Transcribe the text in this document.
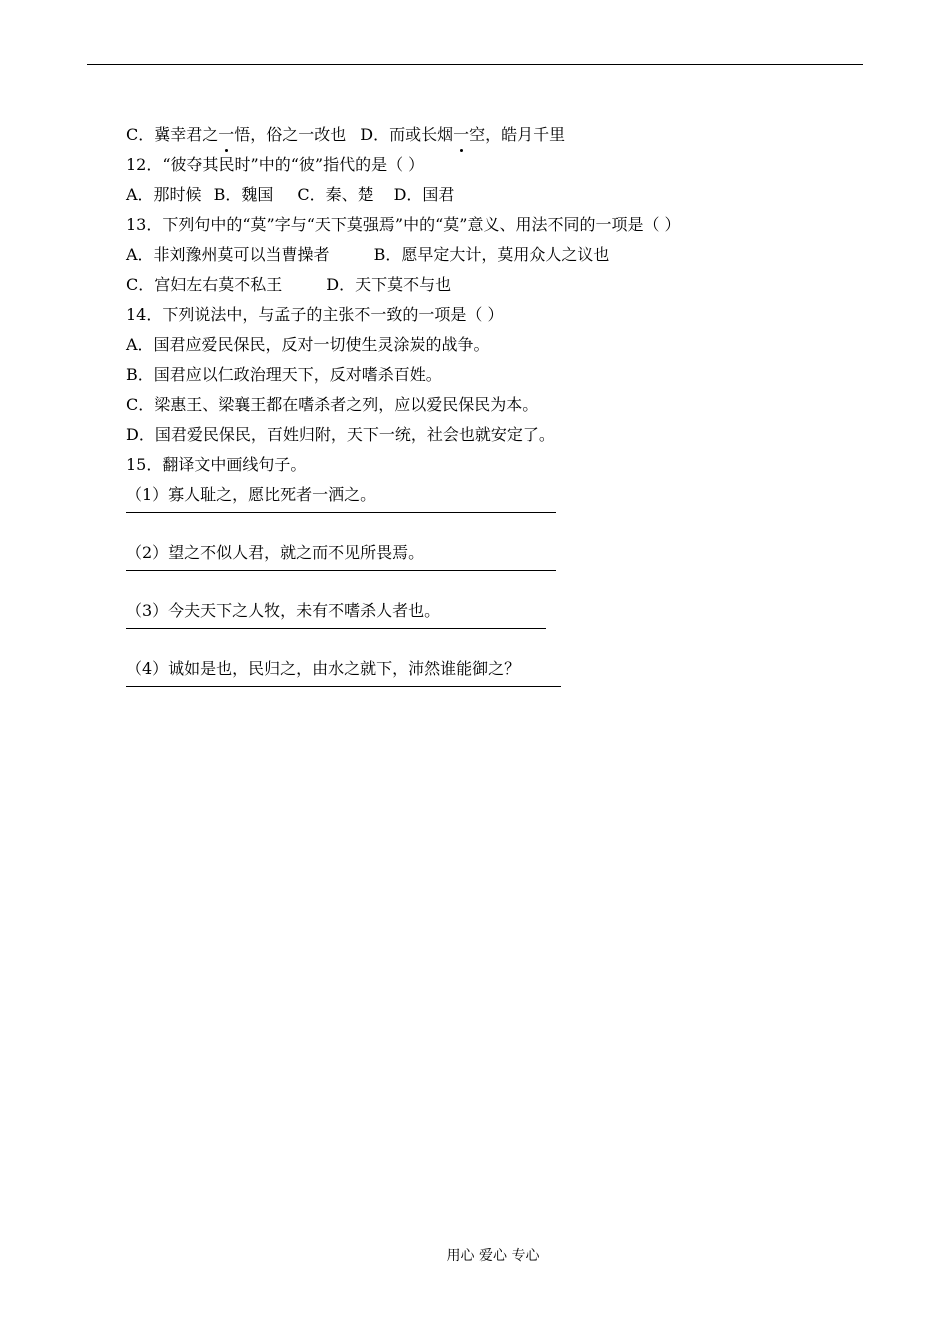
C．冀幸君之一悟，俗之一改也 D．而或长烟一空，皓月千里
12．“彼夺其民时”中的“彼”指代的是（ ）
A．那时候 B．魏国 C．秦、楚 D．国君
13．下列句中的“莫”字与“天下莫强焉”中的“莫”意义、用法不同的一项是（ ）
A．非刘豫州莫可以当曹操者	B．愿早定大计，莫用众人之议也
C．宫妇左右莫不私王	D．天下莫不与也
14．下列说法中，与孟子的主张不一致的一项是（ ）
A．国君应爱民保民，反对一切使生灵涂炭的战争。
B．国君应以仁政治理天下，反对嗜杀百姓。
C．梁惠王、梁襄王都在嗜杀者之列，应以爱民保民为本。
D．国君爱民保民，百姓归附，天下一统，社会也就安定了。
15．翻译文中画线句子。
（1）寡人耻之，愿比死者一洒之。
（2）望之不似人君，就之而不见所畏焉。
（3）今夫天下之人牧，未有不嗜杀人者也。
（4）诚如是也，民归之，由水之就下，沛然谁能御之？
用心 爱心 专心
